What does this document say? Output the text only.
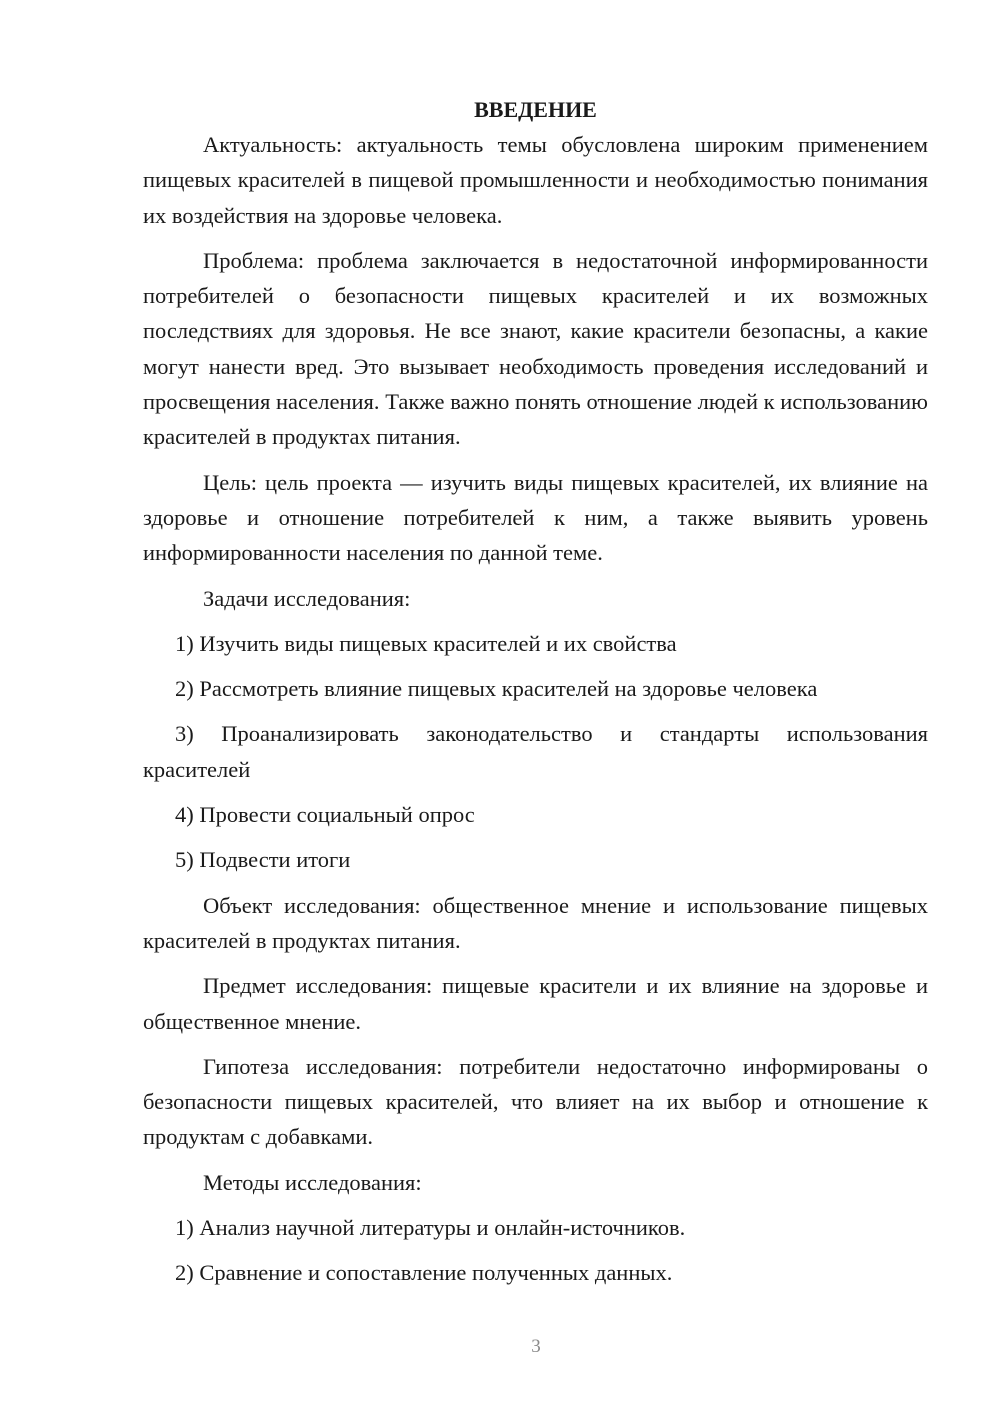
ВВЕДЕНИЕ

Актуальность: актуальность темы обусловлена широким применением пищевых красителей в пищевой промышленности и необходимостью понимания их воздействия на здоровье человека.

Проблема: проблема заключается в недостаточной информированности потребителей о безопасности пищевых красителей и их возможных последствиях для здоровья. Не все знают, какие красители безопасны, а какие могут нанести вред. Это вызывает необходимость проведения исследований и просвещения населения. Также важно понять отношение людей к использованию красителей в продуктах питания.

Цель: цель проекта — изучить виды пищевых красителей, их влияние на здоровье и отношение потребителей к ним, а также выявить уровень информированности населения по данной теме.

Задачи исследования:

1) Изучить виды пищевых красителей и их свойства

2) Рассмотреть влияние пищевых красителей на здоровье человека

3) Проанализировать законодательство и стандарты использования красителей

4) Провести социальный опрос

5) Подвести итоги

Объект исследования: общественное мнение и использование пищевых красителей в продуктах питания.

Предмет исследования: пищевые красители и их влияние на здоровье и общественное мнение.

Гипотеза исследования: потребители недостаточно информированы о безопасности пищевых красителей, что влияет на их выбор и отношение к продуктам с добавками.

Методы исследования:

1) Анализ научной литературы и онлайн-источников.

2) Сравнение и сопоставление полученных данных.

3
